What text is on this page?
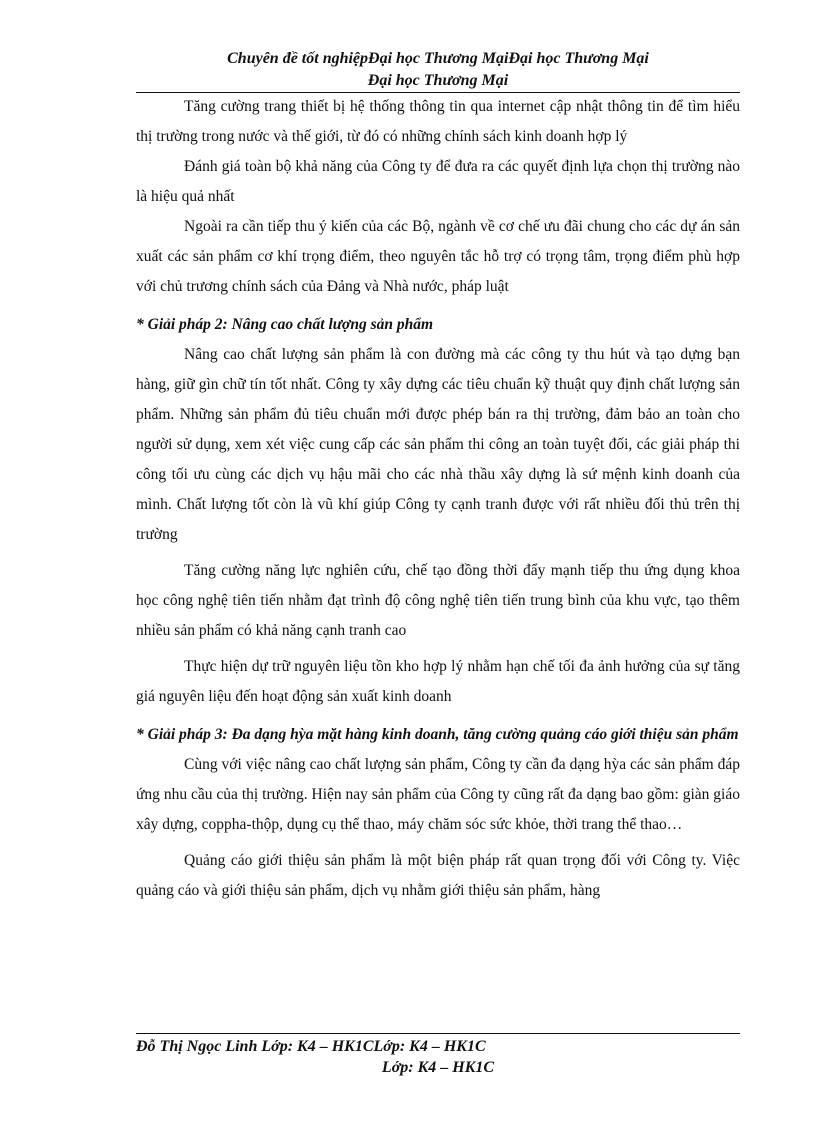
Chuyên đề tốt nghiệpĐại học Thương MạiĐại học Thương Mại
Đại học Thương Mại

Tăng cường trang thiết bị hệ thống thông tin qua internet cập nhật thông tin để tìm hiểu thị trường trong nước và thế giới, từ đó có những chính sách kinh doanh hợp lý

Đánh giá toàn bộ khả năng của Công ty để đưa ra các quyết định lựa chọn thị trường nào là hiệu quả nhất

Ngoài ra cần tiếp thu ý kiến của các Bộ, ngành về cơ chế ưu đãi chung cho các dự án sản xuất các sản phẩm cơ khí trọng điểm, theo nguyên tắc hỗ trợ có trọng tâm, trọng điểm phù hợp với chủ trương chính sách của Đảng và Nhà nước, pháp luật

* Giải pháp 2: Nâng cao chất lượng sản phẩm

Nâng cao chất lượng sản phẩm là con đường mà các công ty thu hút và tạo dựng bạn hàng, giữ gìn chữ tín tốt nhất. Công ty xây dựng các tiêu chuẩn kỹ thuật quy định chất lượng sản phẩm. Những sản phẩm đủ tiêu chuẩn mới được phép bán ra thị trường, đảm bảo an toàn cho người sử dụng, xem xét việc cung cấp các sản phẩm thi công an toàn tuyệt đối, các giải pháp thi công tối ưu cùng các dịch vụ hậu mãi cho các nhà thầu xây dựng là sứ mệnh kinh doanh của mình. Chất lượng tốt còn là vũ khí giúp Công ty cạnh tranh được với rất nhiều đối thủ trên thị trường

Tăng cường năng lực nghiên cứu, chế tạo đồng thời đẩy mạnh tiếp thu ứng dụng khoa học công nghệ tiên tiến nhằm đạt trình độ công nghệ tiên tiến trung bình của khu vực, tạo thêm nhiều sản phẩm có khả năng cạnh tranh cao

Thực hiện dự trữ nguyên liệu tồn kho hợp lý nhằm hạn chế tối đa ảnh hưởng của sự tăng giá nguyên liệu đến hoạt động sản xuất kinh doanh

* Giải pháp 3: Đa dạng hỳa mặt hàng kinh doanh, tăng cường quảng cáo giới thiệu sản phẩm

Cùng với việc nâng cao chất lượng sản phẩm, Công ty cần đa dạng hỳa các sản phẩm đáp ứng nhu cầu của thị trường. Hiện nay sản phẩm của Công ty cũng rất đa dạng bao gồm: giàn giáo xây dựng, coppha-thộp, dụng cụ thể thao, máy chăm sóc sức khỏe, thời trang thể thao…

Quảng cáo giới thiệu sản phẩm là một biện pháp rất quan trọng đối với Công ty. Việc quảng cáo và giới thiệu sản phẩm, dịch vụ nhằm giới thiệu sản phẩm, hàng

Đỗ Thị Ngọc Linh Lớp: K4 – HK1CLớp: K4 – HK1C
Lớp: K4 – HK1C
